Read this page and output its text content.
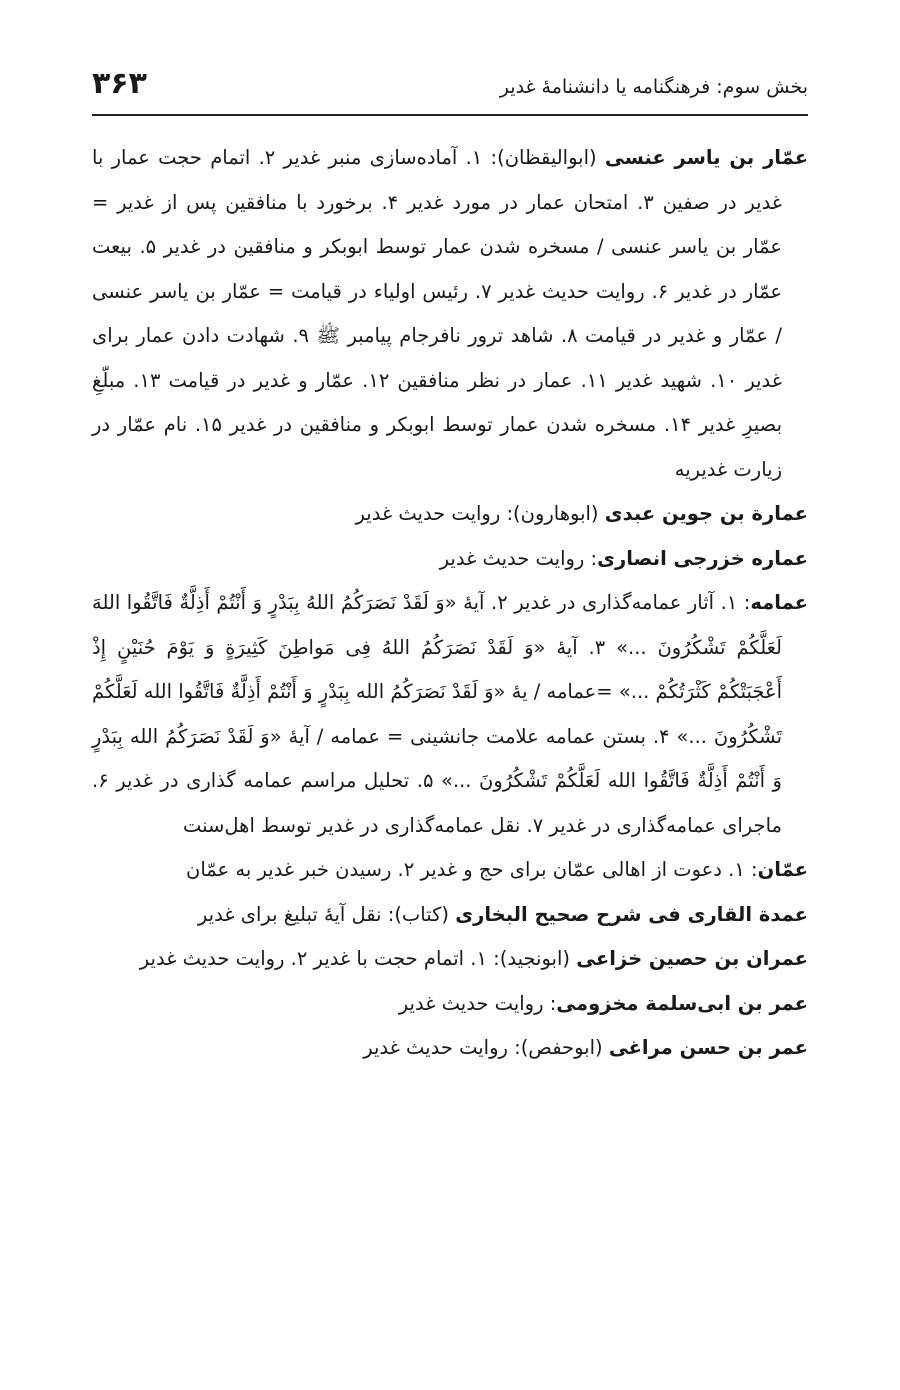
بخش سوم: فرهنگنامه یا دانشنامهٔ غدیر
۳۶۳

عمّار بن یاسر عنسی (ابوالیقظان): ۱. آماده‌سازی منبر غدیر ۲. اتمام حجت عمار با غدیر در صفین ۳. امتحان عمار در مورد غدیر ۴. برخورد با منافقین پس از غدیر = عمّار بن یاسر عنسی / مسخره شدن عمار توسط ابوبکر و منافقین در غدیر ۵. بیعت عمّار در غدیر ۶. روایت حدیث غدیر ۷. رئیس اولیاء در قیامت = عمّار بن یاسر عنسی / عمّار و غدیر در قیامت ۸. شاهد ترور نافرجام پیامبر ﷺ ۹. شهادت دادن عمار برای غدیر ۱۰. شهید غدیر ۱۱. عمار در نظر منافقین ۱۲. عمّار و غدیر در قیامت ۱۳. مبلّغِ بصیرِ غدیر ۱۴. مسخره شدن عمار توسط ابوبکر و منافقین در غدیر ۱۵. نام عمّار در زیارت غدیریه

عمارة بن جوین عبدی (ابوهارون): روایت حدیث غدیر

عماره خزرجی انصاری: روایت حدیث غدیر

عمامه: ۱. آثار عمامه‌گذاری در غدیر ۲. آیهٔ «وَ لَقَدْ نَصَرَکُمُ اللهُ بِبَدْرٍ وَ أَنْتُمْ أَذِلَّةٌ فَاتَّقُوا اللهَ لَعَلَّکُمْ تَشْکُرُونَ ...» ۳. آیهٔ «وَ لَقَدْ نَصَرَکُمُ اللهُ فِی مَواطِنَ کَثِیرَةٍ وَ یَوْمَ حُنَیْنٍ إِذْ أَعْجَبَتْکُمْ کَثْرَتُکُمْ ...» =عمامه / یهٔ «وَ لَقَدْ نَصَرَکُمُ الله بِبَدْرٍ وَ أَنْتُمْ أَذِلَّةٌ فَاتَّقُوا الله لَعَلَّکُمْ تَشْکُرُونَ ...» ۴. بستن عمامه علامت جانشینی = عمامه / آیهٔ «وَ لَقَدْ نَصَرَکُمُ الله بِبَدْرٍ وَ أَنْتُمْ أَذِلَّةٌ فَاتَّقُوا الله لَعَلَّکُمْ تَشْکُرُونَ ...» ۵. تحلیل مراسم عمامه گذاری در غدیر ۶. ماجرای عمامه‌گذاری در غدیر ۷. نقل عمامه‌گذاری در غدیر توسط اهل‌سنت

عمّان: ۱. دعوت از اهالی عمّان برای حج و غدیر ۲. رسیدن خبر غدیر به عمّان

عمدة القاری فی شرح صحیح البخاری (کتاب): نقل آیهٔ تبلیغ برای غدیر

عمران بن حصین خزاعی (ابونجید): ۱. اتمام حجت با غدیر ۲. روایت حدیث غدیر

عمر بن ابی‌سلمة مخزومی: روایت حدیث غدیر

عمر بن حسن مراغی (ابوحفص): روایت حدیث غدیر
